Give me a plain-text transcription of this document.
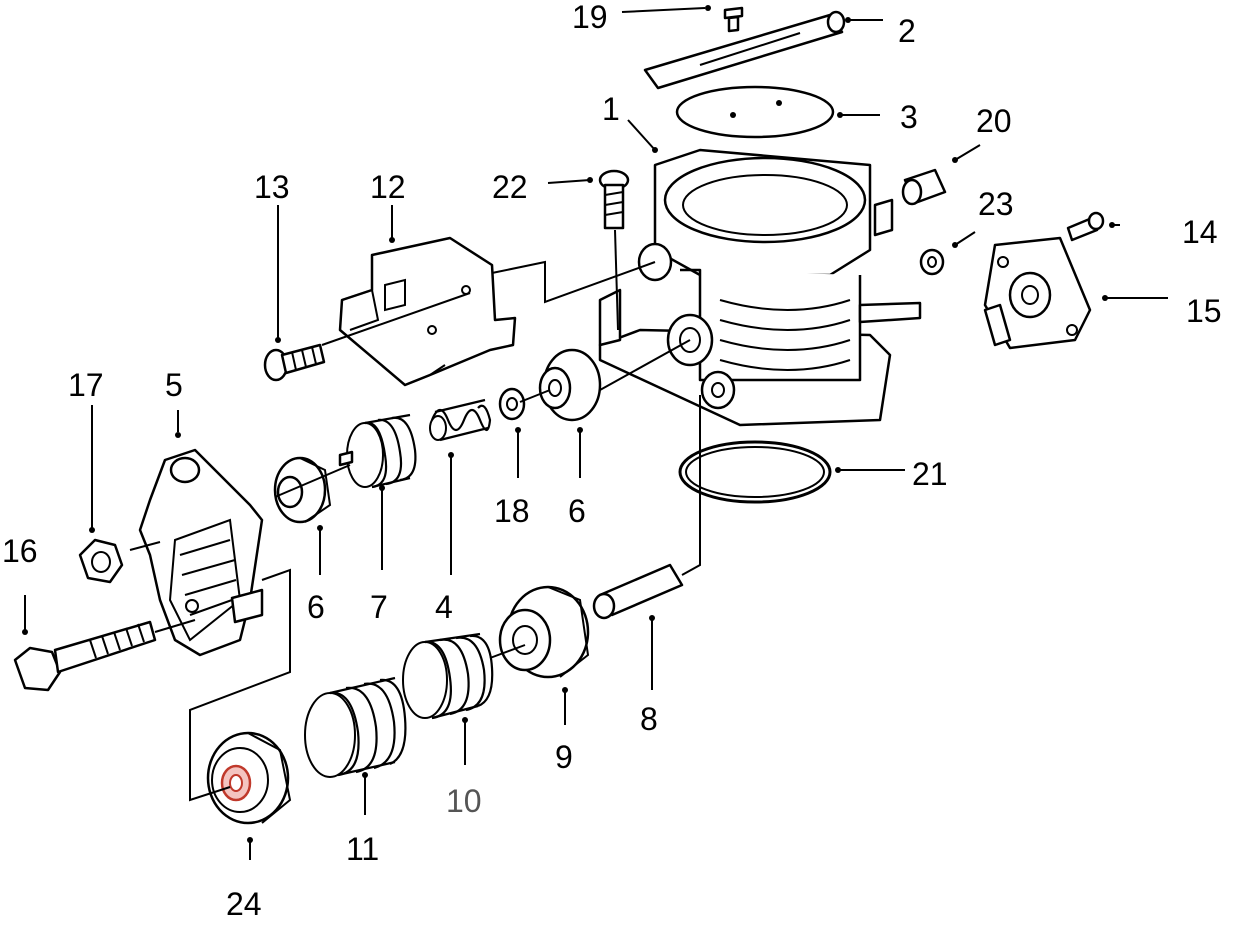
1
2
3
4
5
6
6 7
8
9
10
11
12
13
14
15
16
17
18
19
20
21
22	23
24
